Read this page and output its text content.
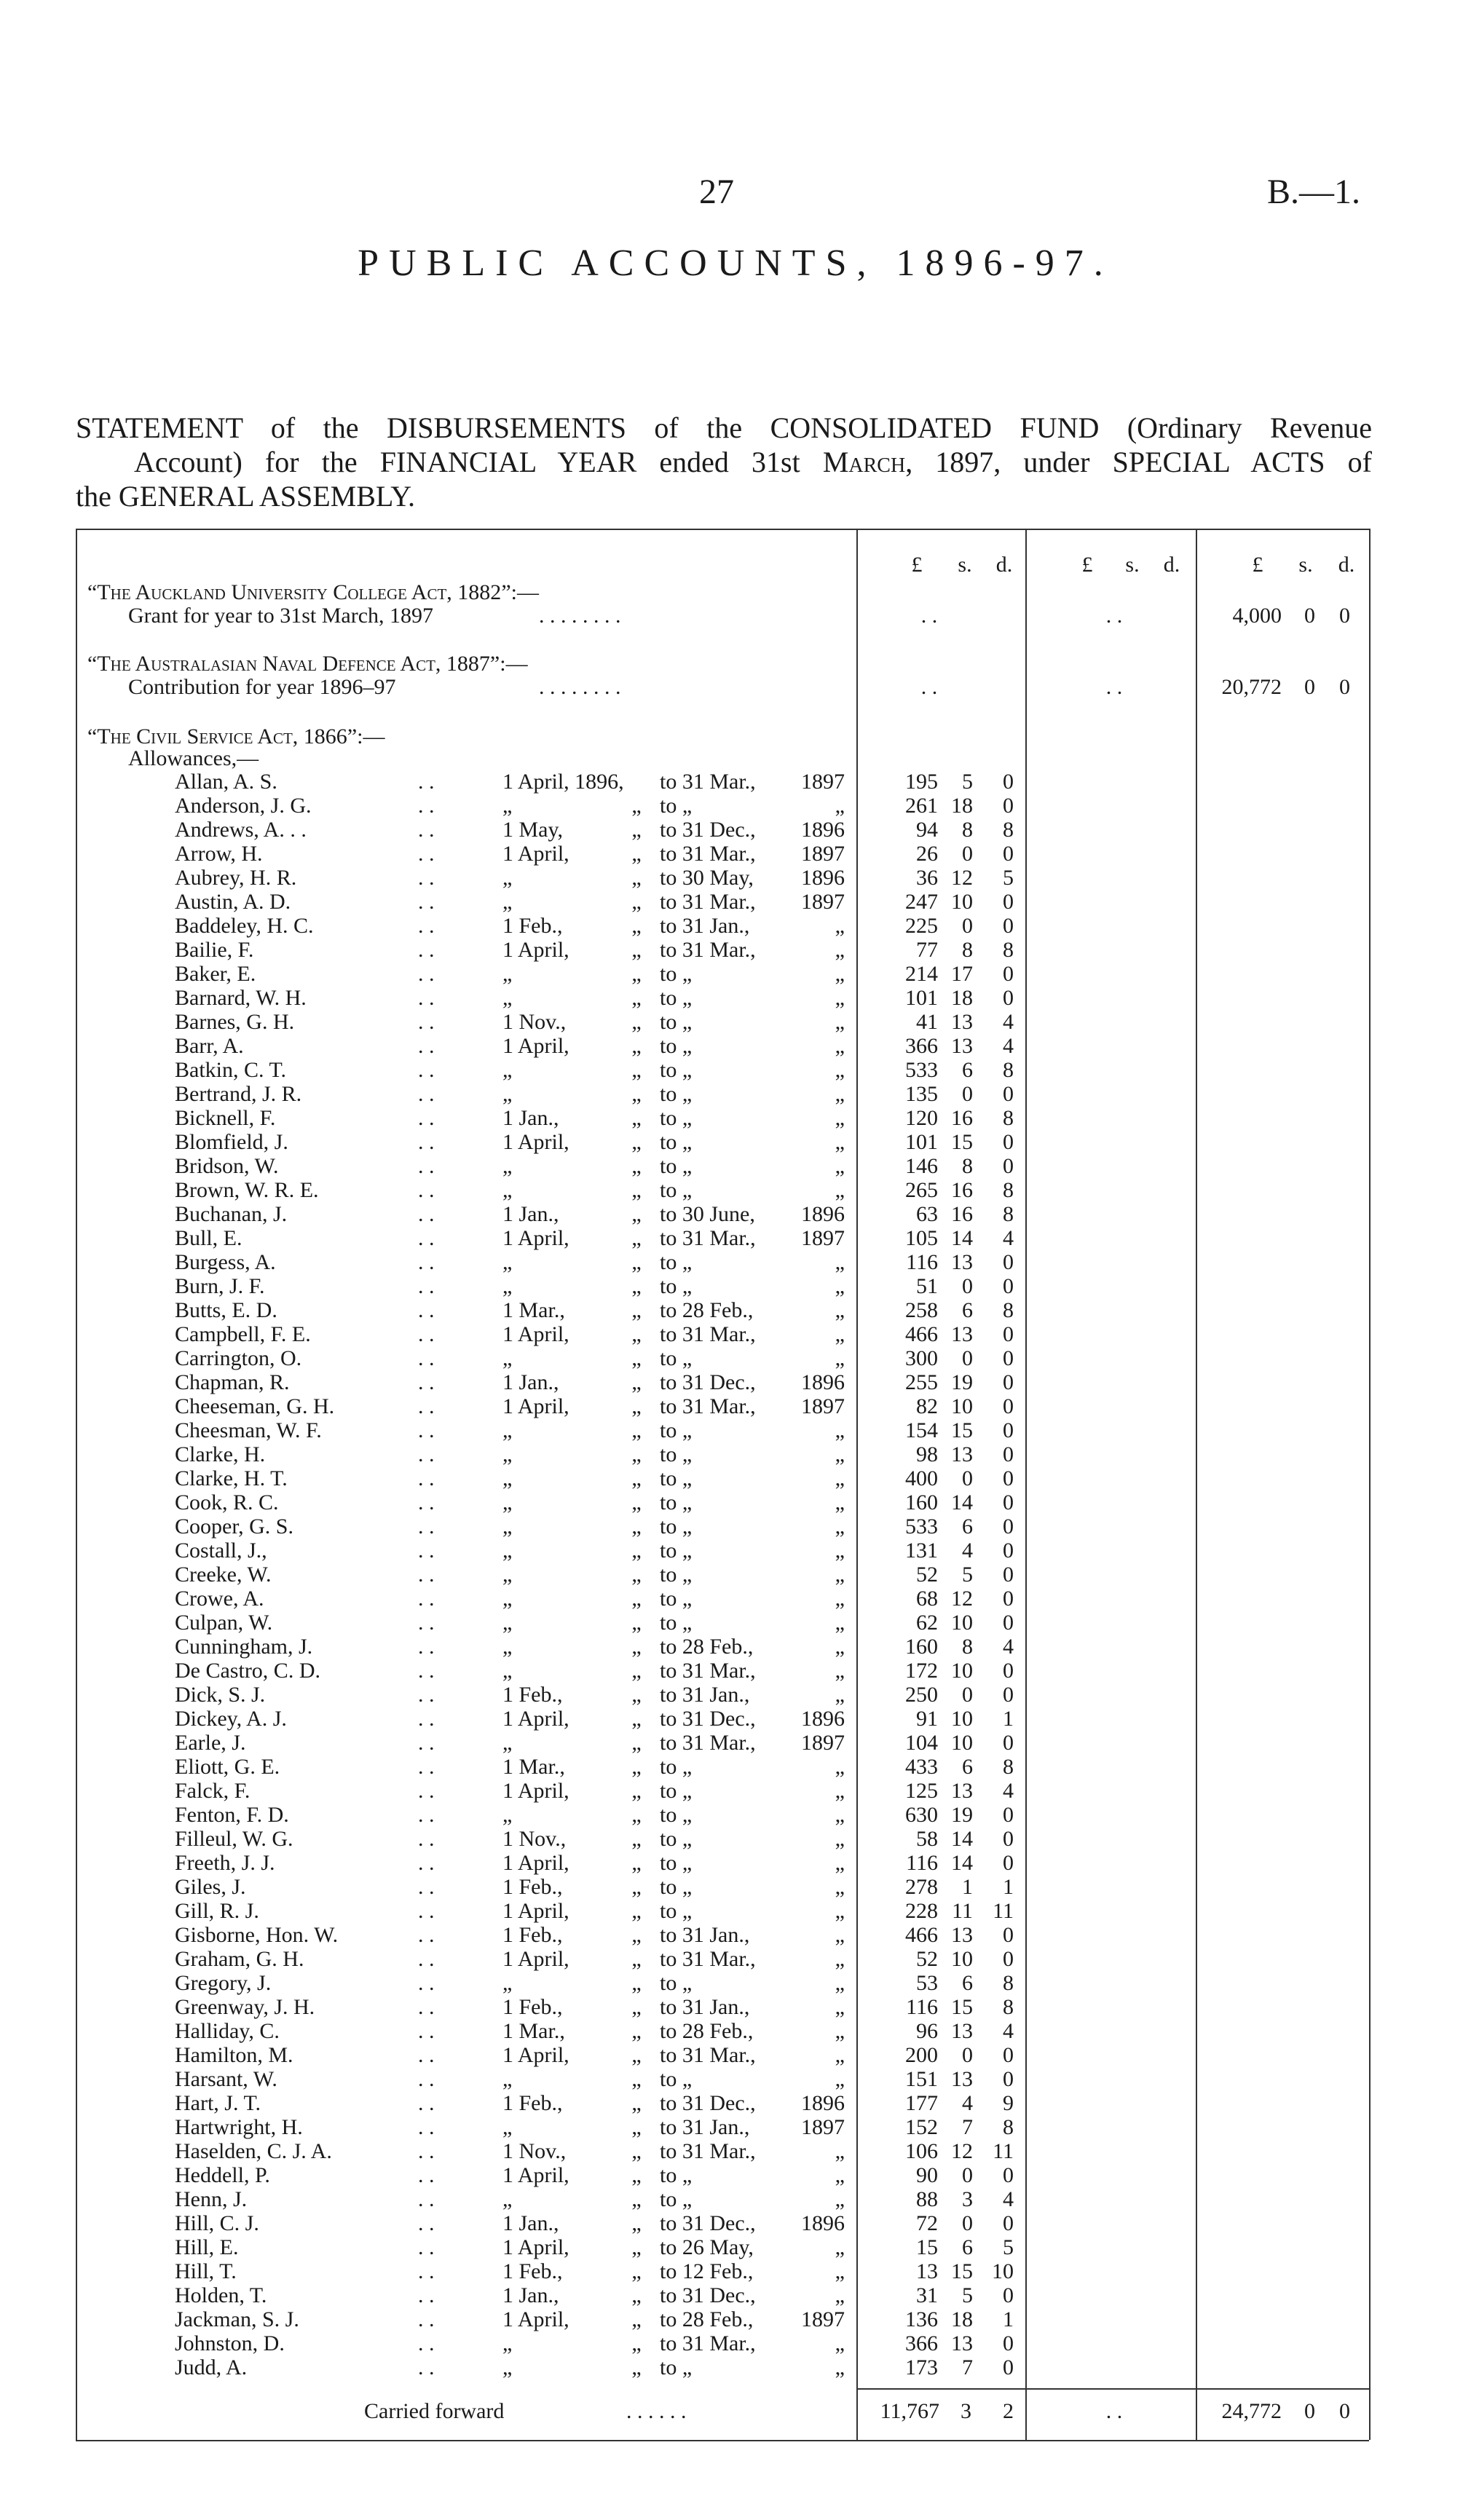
27	B.—1.
PUBLIC ACCOUNTS, 1896-97.
STATEMENT of the DISBURSEMENTS of the CONSOLIDATED FUND (Ordinary Revenue
Account) for the FINANCIAL YEAR ended 31st March, 1897, under SPECIAL ACTS of
the GENERAL ASSEMBLY.
£ s. d.	£ s. d.	£ s. d.
“The Auckland University College Act, 1882”:—
Grant for year to 31st March, 1897	. . . . . . . .	. .	. .	4,000	0	0
“The Australasian Naval Defence Act, 1887”:—
Contribution for year 1896–97	. . . . . . . .	. .	. .	20,772	0	0
“The Civil Service Act, 1866”:—
Allowances,—
Allan, A. S.	. .	1 April, 1896,	to 31 Mar.,	1897	195	5	0
Anderson, J. G.	. .	„	„ to „	„	261 18	0
Andrews, A. . .	. .	1 May,	„ to 31 Dec.,	1896	94	8	8
Arrow, H.	. .	1 April,	„ to 31 Mar.,	1897	26	0	0
Aubrey, H. R.	. .	„	„ to 30 May,	1896	36 12	5
Austin, A. D.	. .	„	„ to 31 Mar.,	1897	247 10	0
Baddeley, H. C.	. .	1 Feb.,	„ to 31 Jan.,	„	225	0	0
Bailie, F.	. .	1 April,	„ to 31 Mar.,	„	77	8	8
Baker, E.	. .	„	„ to „	„	214 17	0
Barnard, W. H.	. .	„	„ to „	„	101 18	0
Barnes, G. H.	. .	1 Nov.,	„ to „	„	41 13	4
Barr, A.	. .	1 April,	„ to „	„	366 13	4
Batkin, C. T.	. .	„	„ to „	„	533	6	8
Bertrand, J. R.	. .	„	„ to „	„	135	0	0
Bicknell, F.	. .	1 Jan.,	„ to „	„	120 16	8
Blomfield, J.	. .	1 April,	„ to „	„	101 15	0
Bridson, W.	. .	„	„ to „	„	146	8	0
Brown, W. R. E.	. .	„	„ to „	„	265 16	8
Buchanan, J.	. .	1 Jan.,	„ to 30 June,	1896	63 16	8
Bull, E.	. .	1 April,	„ to 31 Mar.,	1897	105 14	4
Burgess, A.	. .	„	„ to „	„	116 13	0
Burn, J. F.	. .	„	„ to „	„	51	0	0
Butts, E. D.	. .	1 Mar.,	„ to 28 Feb.,	„	258	6	8
Campbell, F. E.	. .	1 April,	„ to 31 Mar.,	„	466 13	0
Carrington, O.	. .	„	„ to „	„	300	0	0
Chapman, R.	. .	1 Jan.,	„ to 31 Dec.,	1896	255 19	0
Cheeseman, G. H.	. .	1 April,	„ to 31 Mar.,	1897	82 10	0
Cheesman, W. F.	. .	„	„ to „	„	154 15	0
Clarke, H.	. .	„	„ to „	„	98 13	0
Clarke, H. T.	. .	„	„ to „	„	400	0	0
Cook, R. C.	. .	„	„ to „	„	160 14	0
Cooper, G. S.	. .	„	„ to „	„	533	6	0
Costall, J.,	. .	„	„ to „	„	131	4	0
Creeke, W.	. .	„	„ to „	„	52	5	0
Crowe, A.	. .	„	„ to „	„	68 12	0
Culpan, W.	. .	„	„ to „	„	62 10	0
Cunningham, J.	. .	„	„ to 28 Feb.,	„	160	8	4
De Castro, C. D.	. .	„	„ to 31 Mar.,	„	172 10	0
Dick, S. J.	. .	1 Feb.,	„ to 31 Jan.,	„	250	0	0
Dickey, A. J.	. .	1 April,	„ to 31 Dec.,	1896	91 10	1
Earle, J.	. .	„	„ to 31 Mar.,	1897	104 10	0
Eliott, G. E.	. .	1 Mar.,	„ to „	„	433	6	8
Falck, F.	. .	1 April,	„ to „	„	125 13	4
Fenton, F. D.	. .	„	„ to „	„	630 19	0
Filleul, W. G.	. .	1 Nov.,	„ to „	„	58 14	0
Freeth, J. J.	. .	1 April,	„ to „	„	116 14	0
Giles, J.	. .	1 Feb.,	„ to „	„	278	1	1
Gill, R. J.	. .	1 April,	„ to „	„	228 11 11
Gisborne, Hon. W.	. .	1 Feb.,	„ to 31 Jan.,	„	466 13	0
Graham, G. H.	. .	1 April,	„ to 31 Mar.,	„	52 10	0
Gregory, J.	. .	„	„ to „	„	53	6	8
Greenway, J. H.	. .	1 Feb.,	„ to 31 Jan.,	„	116 15	8
Halliday, C.	. .	1 Mar.,	„ to 28 Feb.,	„	96 13	4
Hamilton, M.	. .	1 April,	„ to 31 Mar.,	„	200	0	0
Harsant, W.	. .	„	„ to „	„	151 13	0
Hart, J. T.	. .	1 Feb.,	„ to 31 Dec.,	1896	177	4	9
Hartwright, H.	. .	„	„ to 31 Jan.,	1897	152	7	8
Haselden, C. J. A.	. .	1 Nov.,	„ to 31 Mar.,	„	106 12 11
Heddell, P.	. .	1 April,	„ to „	„	90	0	0
Henn, J.	. .	„	„ to „	„	88	3	4
Hill, C. J.	. .	1 Jan.,	„ to 31 Dec.,	1896	72	0	0
Hill, E.	. .	1 April,	„ to 26 May,	„	15	6	5
Hill, T.	. .	1 Feb.,	„ to 12 Feb.,	„	13 15 10
Holden, T.	. .	1 Jan.,	„ to 31 Dec.,	„	31	5	0
Jackman, S. J.	. .	1 April,	„ to 28 Feb.,	1897	136 18	1
Johnston, D.	. .	„	„ to 31 Mar.,	„	366 13	0
Judd, A.	. .	„	„ to „	„	173	7	0
Carried forward	. . . . . .	11,767 3	2	. .	24,772	0	0
